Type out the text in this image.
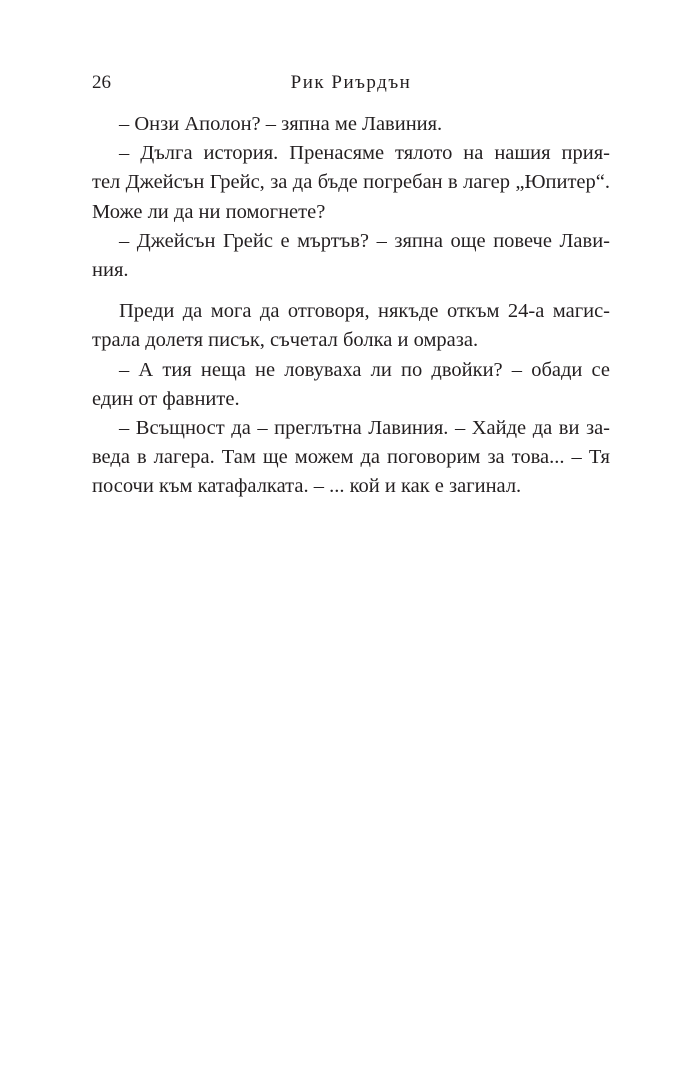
26	Рик Риърдън
– Онзи Аполон? – зяпна ме Лавиния.
– Дълга история. Пренасяме тялото на нашия прия-
тел Джейсън Грейс, за да бъде погребан в лагер „Юпитер“.
Може ли да ни помогнете?
– Джейсън Грейс е мъртъв? – зяпна още повече Лави-
ния.
Преди да мога да отговоря, някъде откъм 24-а магис-
трала долетя писък, съчетал болка и омраза.
– А тия неща не ловуваха ли по двойки? – обади се
един от фавните.
– Всъщност да – преглътна Лавиния. – Хайде да ви за-
веда в лагера. Там ще можем да поговорим за това... – Тя
посочи към катафалката. – ... кой и как е загинал.
